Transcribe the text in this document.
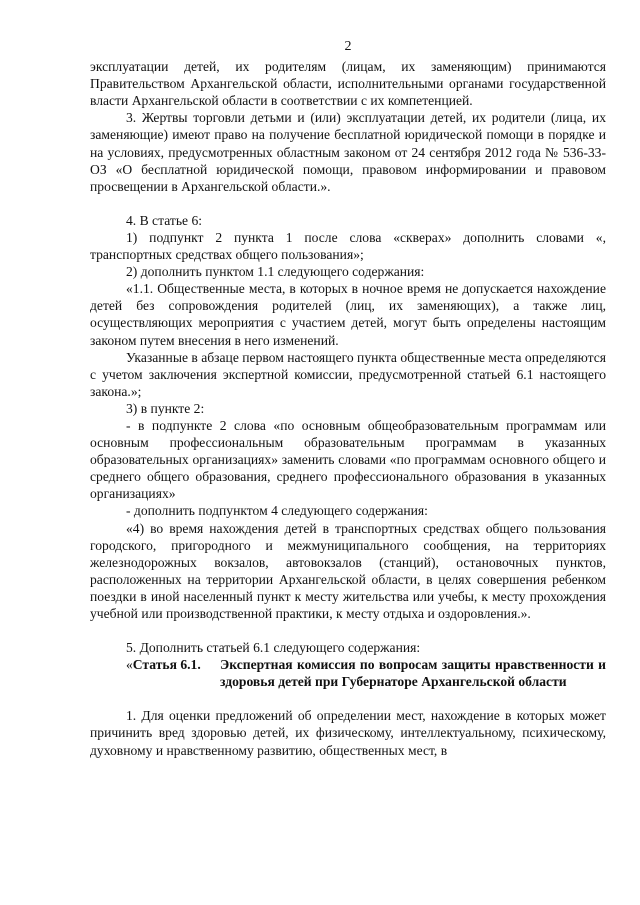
2

эксплуатации детей, их родителям (лицам, их заменяющим) принимаются Правительством Архангельской области, исполнительными органами государственной власти Архангельской области в соответствии с их компетенцией.

3. Жертвы торговли детьми и (или) эксплуатации детей, их родители (лица, их заменяющие) имеют право на получение бесплатной юридической помощи в порядке и на условиях, предусмотренных областным законом от 24 сентября 2012 года № 536-33-ОЗ «О бесплатной юридической помощи, правовом информировании и правовом просвещении в Архангельской области.».

4. В статье 6:

1) подпункт 2 пункта 1 после слова «скверах» дополнить словами «, транспортных средствах общего пользования»;

2) дополнить пунктом 1.1 следующего содержания:

«1.1. Общественные места, в которых в ночное время не допускается нахождение детей без сопровождения родителей (лиц, их заменяющих), а также лиц, осуществляющих мероприятия с участием детей, могут быть определены настоящим законом путем внесения в него изменений.

Указанные в абзаце первом настоящего пункта общественные места определяются с учетом заключения экспертной комиссии, предусмотренной статьей 6.1 настоящего закона.»;

3) в пункте 2:

- в подпункте 2 слова «по основным общеобразовательным программам или основным профессиональным образовательным программам в указанных образовательных организациях» заменить словами «по программам основного общего и среднего общего образования, среднего профессионального образования в указанных организациях»

- дополнить подпунктом 4 следующего содержания:

«4) во время нахождения детей в транспортных средствах общего пользования городского, пригородного и межмуниципального сообщения, на территориях железнодорожных вокзалов, автовокзалов (станций), остановочных пунктов, расположенных на территории Архангельской области, в целях совершения ребенком поездки в иной населенный пункт к месту жительства или учебы, к месту прохождения учебной или производственной практики, к месту отдыха и оздоровления.».

5. Дополнить статьей 6.1 следующего содержания:

«Статья 6.1.	Экспертная комиссия по вопросам защиты нравственности и здоровья детей при Губернаторе Архангельской области

1. Для оценки предложений об определении мест, нахождение в которых может причинить вред здоровью детей, их физическому, интеллектуальному, психическому, духовному и нравственному развитию, общественных мест, в
